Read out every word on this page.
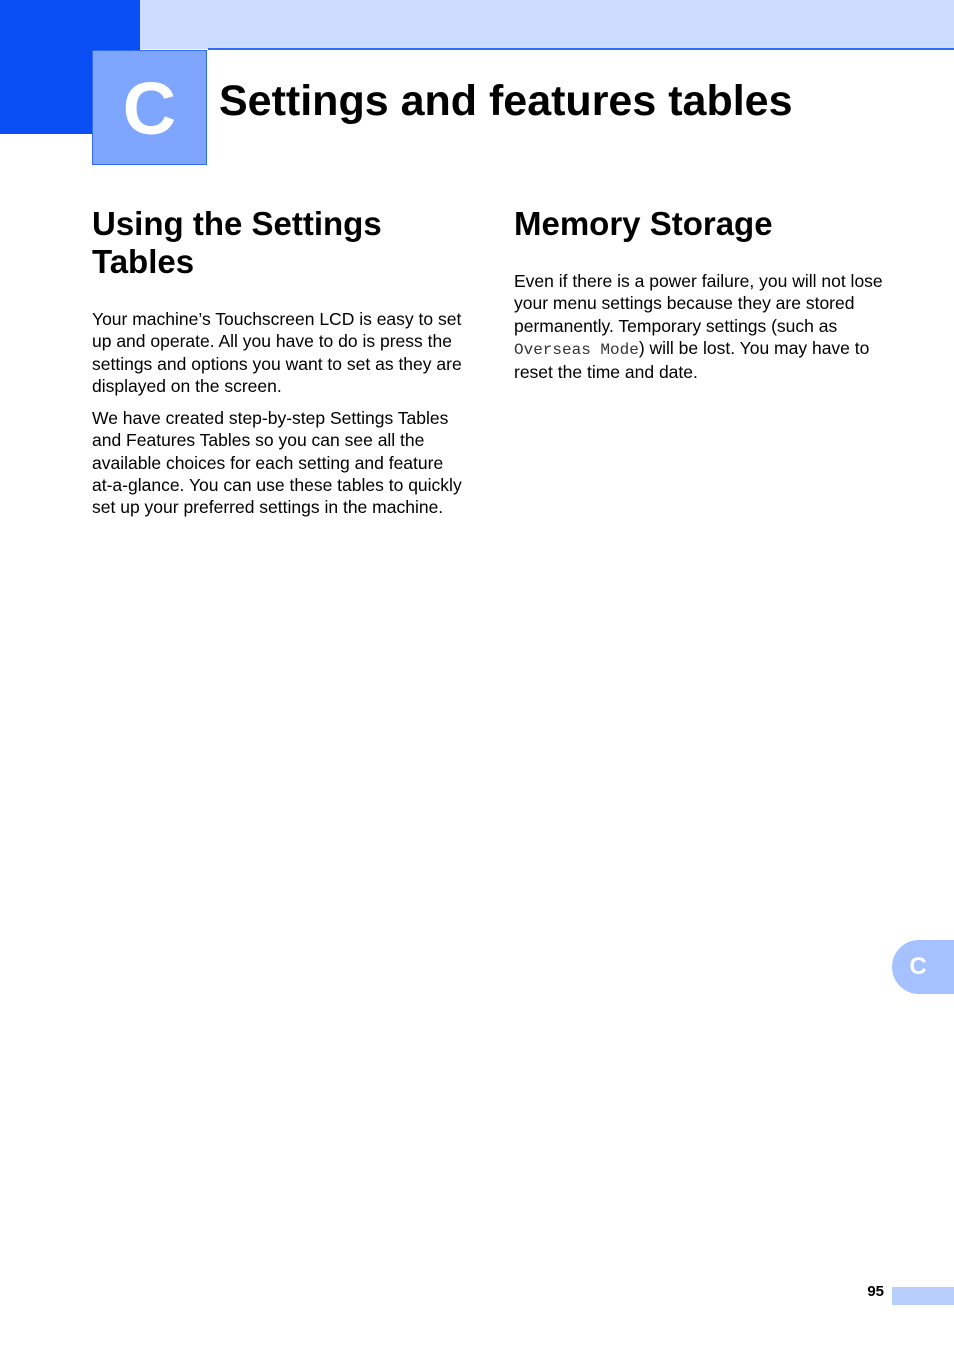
C Settings and features tables
Using the Settings Tables

Your machine’s Touchscreen LCD is easy to set up and operate. All you have to do is press the settings and options you want to set as they are displayed on the screen.

We have created step-by-step Settings Tables and Features Tables so you can see all the available choices for each setting and feature at-a-glance. You can use these tables to quickly set up your preferred settings in the machine.

Memory Storage

Even if there is a power failure, you will not lose your menu settings because they are stored permanently. Temporary settings (such as Overseas Mode) will be lost. You may have to reset the time and date.

C
95
